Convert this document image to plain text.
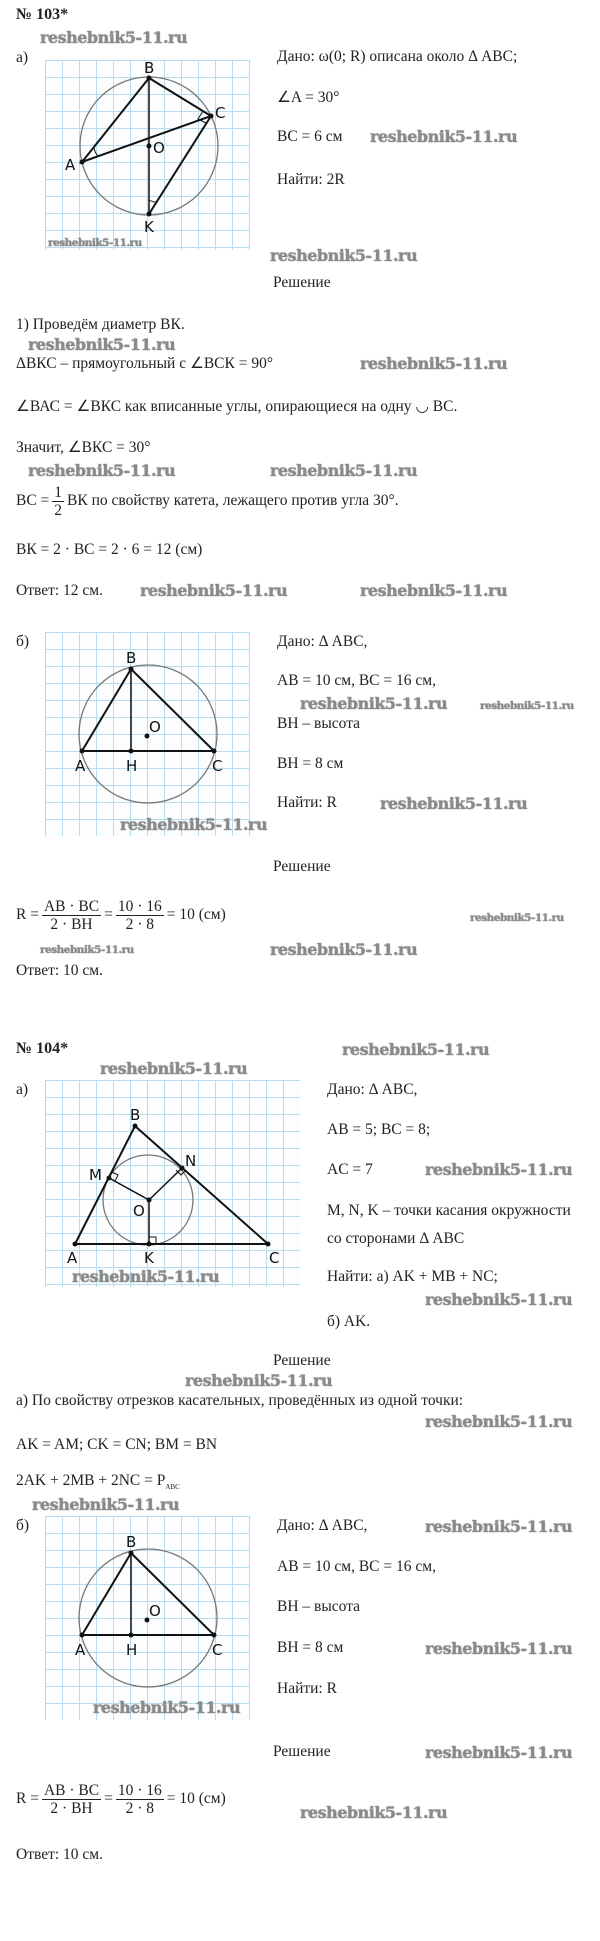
№ 103*
а)
B
C
A
O
K
Дано: ω(0; R) описана около Δ ABC;
∠A = 30°
BC = 6 см
Найти: 2R
Решение
1) Проведём диаметр ВК.
ΔВКС – прямоугольный с ∠ВСК = 90°
∠ВАС = ∠ВКС как вписанные углы, опирающиеся на одну ◡ ВС.
Значит, ∠ВКС = 30°
ВС = $\frac{1}{2}$ ВК по свойству катета, лежащего против угла 30°.
ВК = 2 · ВС = 2 · 6 = 12 (см)
Ответ: 12 см.
б)
B
A	H	C
O
Дано: Δ ABC,
AB = 10 см, BC = 16 см,
BH – высота
BH = 8 см
Найти: R
Решение
$R = \frac{AB \cdot BC}{2 \cdot BH} = \frac{10 \cdot 16}{2 \cdot 8} = 10$ (см)
Ответ: 10 см.
№ 104*
а)
B
A	K	C
O
M
N
Дано: Δ ABC,
AB = 5; BC = 8;
AC = 7
M, N, K – точки касания окружности
со сторонами Δ ABC
Найти: а) AK + MB + NC;
б) AK.
Решение
а) По свойству отрезков касательных, проведённых из одной точки:
AK = AM; CK = CN; BM = BN
$2AK + 2MB + 2NC = P_{ABC}$
б)
B
A	H	C
O
Дано: Δ ABC,
AB = 10 см, BC = 16 см,
BH – высота
BH = 8 см
Найти: R
Решение
$R = \frac{AB \cdot BC}{2 \cdot BH} = \frac{10 \cdot 16}{2 \cdot 8} = 10$ (см)
Ответ: 10 см.
reshebnik5-11.ru
reshebnik5-11.ru
reshebnik5-11.ru
reshebnik5-11.ru
reshebnik5-11.ru
reshebnik5-11.ru
reshebnik5-11.ru	reshebnik5-11.ru
reshebnik5-11.ru	reshebnik5-11.ru
reshebnik5-11.ru	reshebnik5-11.ru
reshebnik5-11.ru
reshebnik5-11.ru
reshebnik5-11.ru
reshebnik5-11.ru
reshebnik5-11.ru
reshebnik5-11.ru
reshebnik5-11.ru
reshebnik5-11.ru
reshebnik5-11.ru
reshebnik5-11.ru
reshebnik5-11.ru
reshebnik5-11.ru
reshebnik5-11.ru
reshebnik5-11.ru
reshebnik5-11.ru
reshebnik5-11.ru
reshebnik5-11.ru
reshebnik5-11.ru
